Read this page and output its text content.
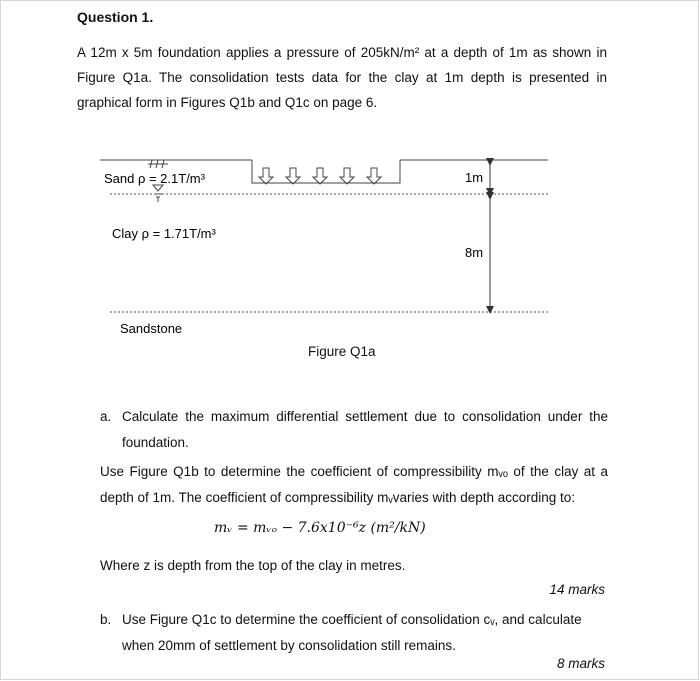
Question 1.
A 12m x 5m foundation applies a pressure of 205kN/m² at a depth of 1m as shown in
Figure Q1a. The consolidation tests data for the clay at 1m depth is presented in
graphical form in Figures Q1b and Q1c on page 6.
Sand ρ = 2.1T/m³
Clay ρ = 1.71T/m³
Sandstone
1m
8m
Figure Q1a
a. Calculate the maximum differential settlement due to consolidation under the
foundation.
Use Figure Q1b to determine the coefficient of compressibility mᵥₒ of the clay at a
depth of 1m. The coefficient of compressibility mᵥvaries with depth according to:
mᵥ = mᵥₒ − 7.6x10⁻⁶z (m²/kN)
Where z is depth from the top of the clay in metres.
14 marks
b. Use Figure Q1c to determine the coefficient of consolidation cᵥ, and calculate
when 20mm of settlement by consolidation still remains.
8 marks
